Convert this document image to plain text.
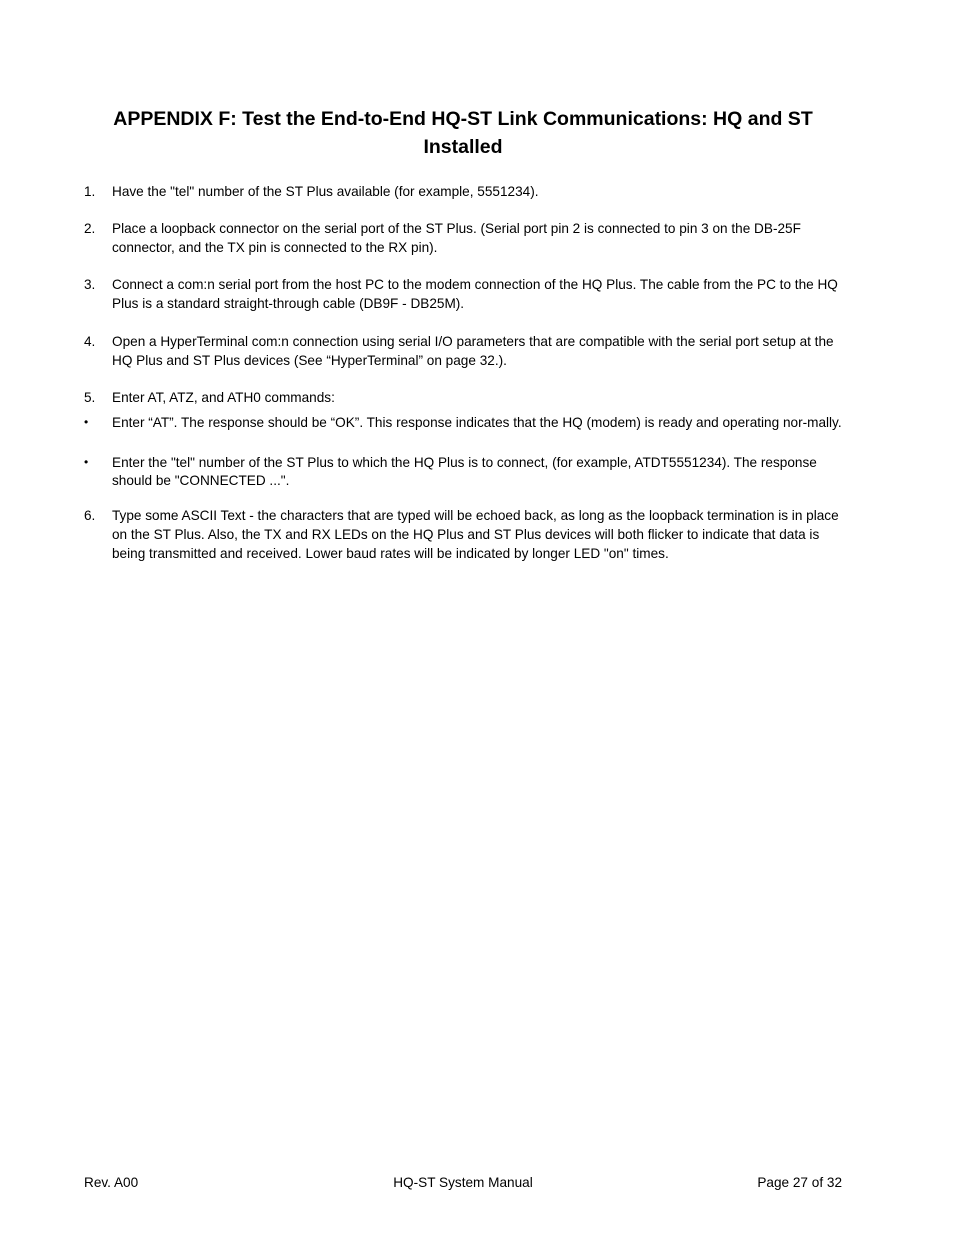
APPENDIX F: Test the End-to-End HQ-ST Link Communications: HQ and ST Installed
1.	Have the "tel" number of the ST Plus available (for example, 5551234).
2.	Place a loopback connector on the serial port of the ST Plus. (Serial port pin 2 is connected to pin 3 on the DB-25F connector, and the TX pin is connected to the RX pin).
3.	Connect a com:n serial port from the host PC to the modem connection of the HQ Plus. The cable from the PC to the HQ Plus is a standard straight-through cable (DB9F - DB25M).
4.	Open a HyperTerminal com:n connection using serial I/O parameters that are compatible with the serial port setup at the HQ Plus and ST Plus devices (See “HyperTerminal” on page 32.).
5.	Enter AT, ATZ, and ATH0 commands:
•	Enter “AT”. The response should be “OK”. This response indicates that the HQ (modem) is ready and operating nor-mally.
•	Enter the "tel" number of the ST Plus to which the HQ Plus is to connect, (for example, ATDT5551234). The response should be "CONNECTED ...".
6.	Type some ASCII Text - the characters that are typed will be echoed back, as long as the loopback termination is in place on the ST Plus. Also, the TX and RX LEDs on the HQ Plus and ST Plus devices will both flicker to indicate that data is being transmitted and received. Lower baud rates will be indicated by longer LED "on" times.
Rev. A00	HQ-ST System Manual	Page 27 of 32
